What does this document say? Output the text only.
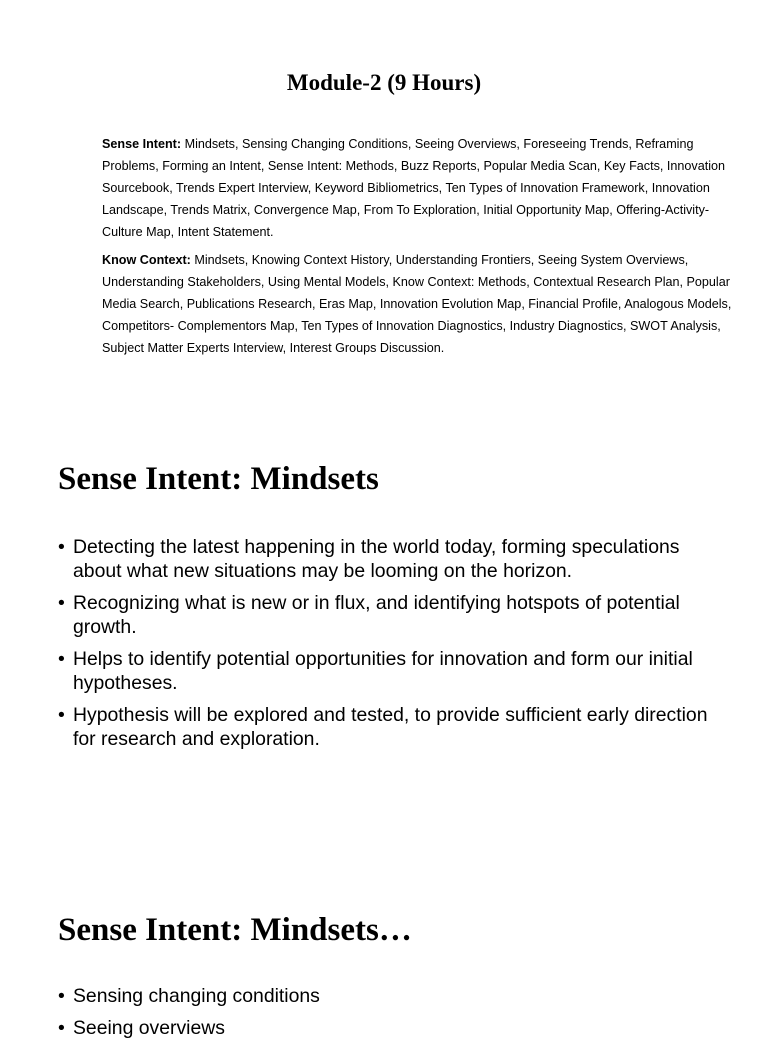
Module-2 (9 Hours)
Sense Intent: Mindsets, Sensing Changing Conditions, Seeing Overviews, Foreseeing Trends, Reframing Problems, Forming an Intent, Sense Intent: Methods, Buzz Reports, Popular Media Scan, Key Facts, Innovation Sourcebook, Trends Expert Interview, Keyword Bibliometrics, Ten Types of Innovation Framework, Innovation Landscape, Trends Matrix, Convergence Map, From To Exploration, Initial Opportunity Map, Offering-Activity-Culture Map, Intent Statement.
Know Context: Mindsets, Knowing Context History, Understanding Frontiers, Seeing System Overviews, Understanding Stakeholders, Using Mental Models, Know Context: Methods, Contextual Research Plan, Popular Media Search, Publications Research, Eras Map, Innovation Evolution Map, Financial Profile, Analogous Models, Competitors- Complementors Map, Ten Types of Innovation Diagnostics, Industry Diagnostics, SWOT Analysis, Subject Matter Experts Interview, Interest Groups Discussion.
Sense Intent: Mindsets
• Detecting the latest happening in the world today, forming speculations about what new situations may be looming on the horizon.
• Recognizing what is new or in flux, and identifying hotspots of potential growth.
• Helps to identify potential opportunities for innovation and form our initial hypotheses.
• Hypothesis will be explored and tested, to provide sufficient early direction for research and exploration.
Sense Intent: Mindsets…
• Sensing changing conditions
• Seeing overviews
